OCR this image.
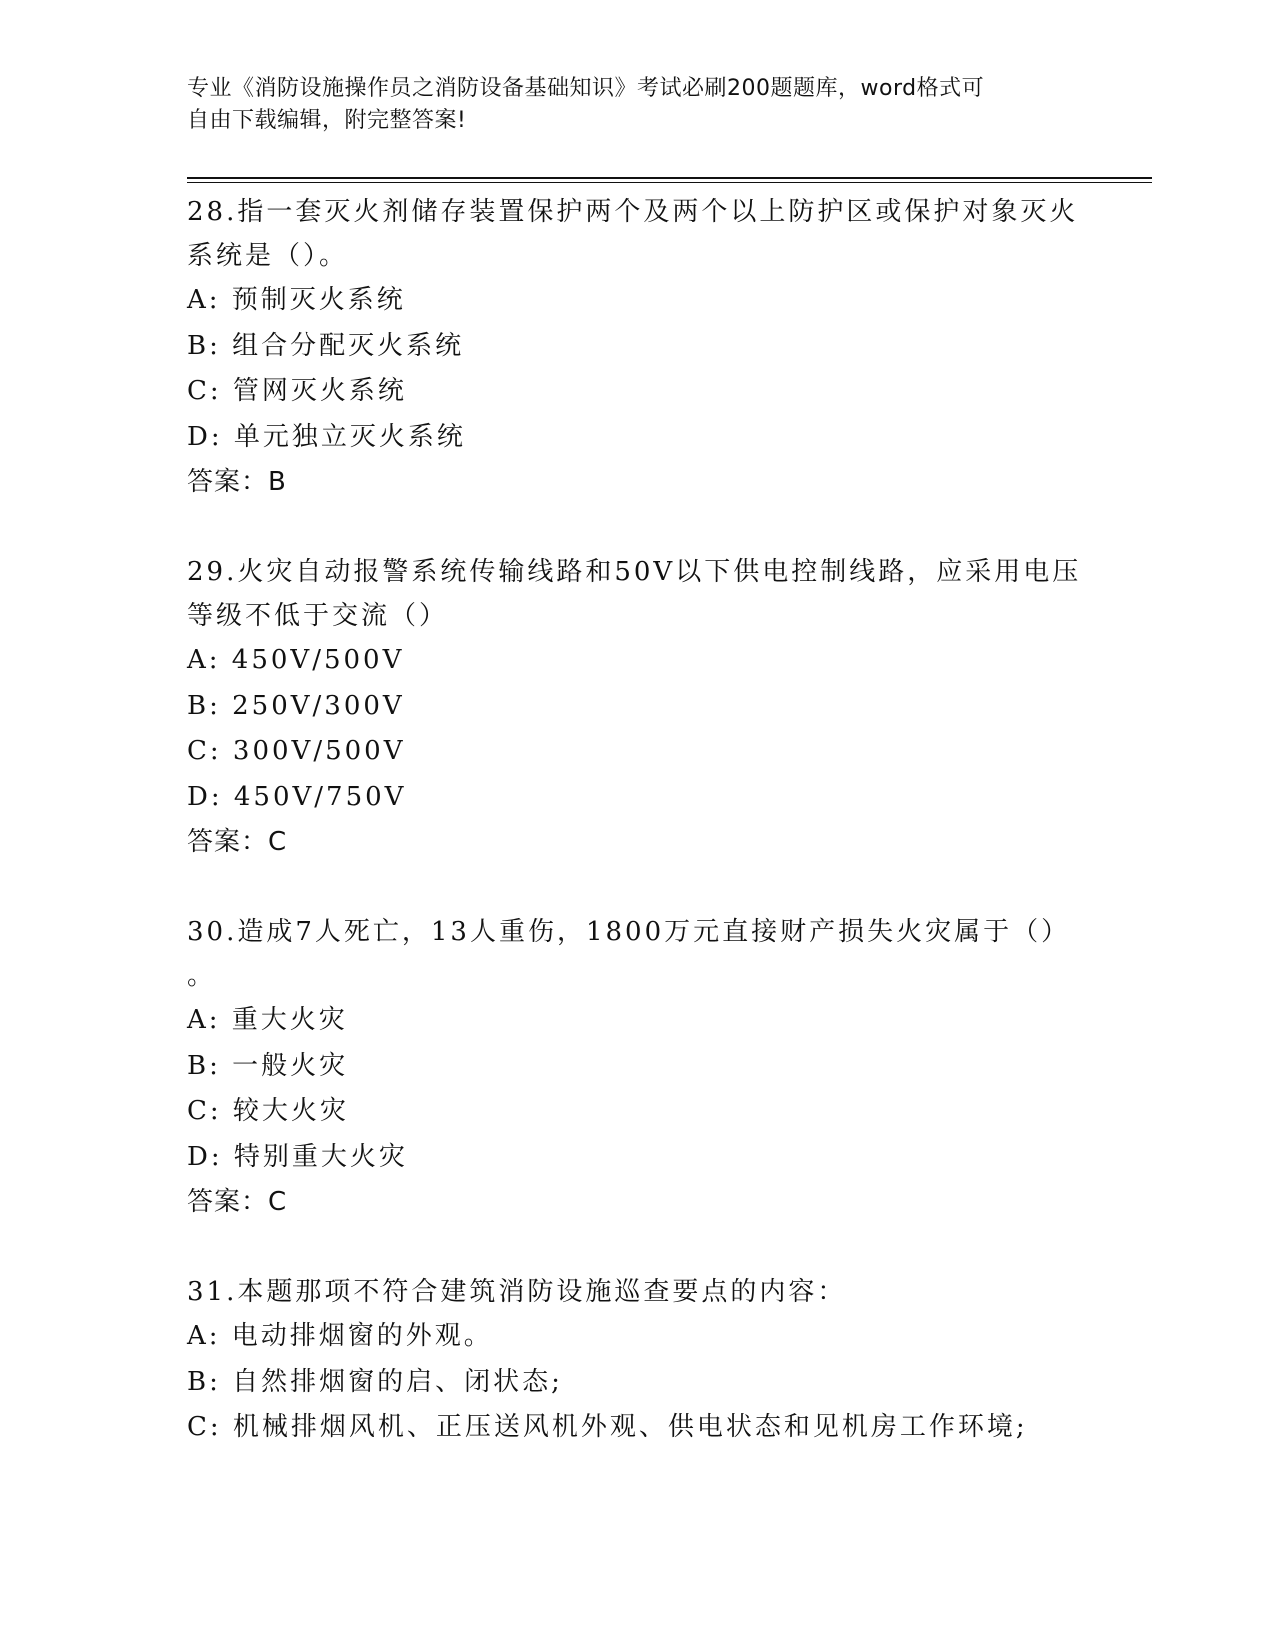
专业《消防设施操作员之消防设备基础知识》考试必刷200题题库，word格式可
自由下载编辑，附完整答案!
28.指一套灭火剂储存装置保护两个及两个以上防护区或保护对象灭火
系统是（）。
A: 预制灭火系统
B: 组合分配灭火系统
C: 管网灭火系统
D: 单元独立灭火系统
答案：B
29.火灾自动报警系统传输线路和50V以下供电控制线路，应采用电压
等级不低于交流（）
A: 450V/500V
B: 250V/300V
C: 300V/500V
D: 450V/750V
答案：C
30.造成7人死亡，13人重伤，1800万元直接财产损失火灾属于（）
。
A: 重大火灾
B: 一般火灾
C: 较大火灾
D: 特别重大火灾
答案：C
31.本题那项不符合建筑消防设施巡查要点的内容：
A: 电动排烟窗的外观。
B: 自然排烟窗的启、闭状态;
C: 机械排烟风机、正压送风机外观、供电状态和见机房工作环境;
